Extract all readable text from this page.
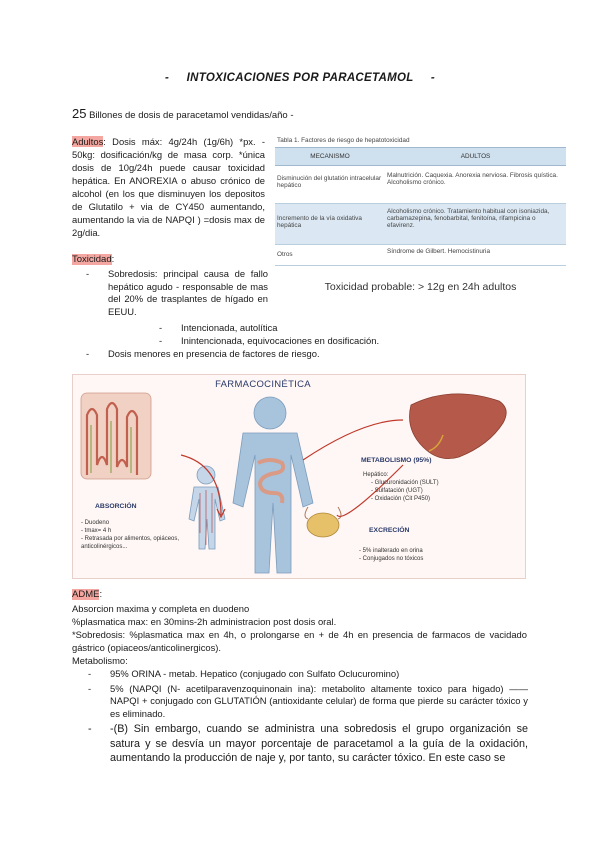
- INTOXICACIONES POR PARACETAMOL -
25 Billones de dosis de paracetamol vendidas/año -
Adultos: Dosis máx: 4g/24h (1g/6h) *px. - 50kg: dosificación/kg de masa corp. *única dosis de 10g/24h puede causar toxicidad hepática. En ANOREXIA o abuso crónico de alcohol (en los que disminuyen los depositos de Glutatilo + via de CY450 aumentando, aumentando la via de NAPQI ) =dosis max de 2g/dia.
Toxicidad:
- Sobredosis: principal causa de fallo hepático agudo - responsable de mas del 20% de trasplantes de hígado en EEUU.
- Intencionada, autolítica
- Inintencionada, equivocaciones en dosificación.
- Dosis menores en presencia de factores de riesgo.
Tabla 1. Factores de riesgo de hepatotoxicidad
MECANISMO	ADULTOS
Disminución del glutatión intracelular hepático
Malnutrición. Caquexia. Anorexia nerviosa. Fibrosis quística. Alcoholismo crónico.
Incremento de la vía oxidativa hepática
Alcoholismo crónico. Tratamiento habitual con isoniazida, carbamazepina, fenobarbital, fenitoína, rifampicina o efavirenz.
Otros	Síndrome de Gilbert. Hemocistinuria
Toxicidad probable: > 12g en 24h adultos
FARMACOCINÉTICA
ABSORCIÓN
- Duodeno
- tmax= 4 h
- Retrasada por alimentos, opiáceos, anticolinérgicos...
METABOLISMO (95%)
Hepático:
- Glucuronidación (SULT)
- Sulfatación (UGT)
- Oxidación (Cit P450)
EXCRECIÓN
- 5% inalterado en orina
- Conjugados no tóxicos
ADME:
Absorcion maxima y completa en duodeno
%plasmatica max: en 30mins-2h administracion post dosis oral.
*Sobredosis: %plasmatica max en 4h, o prolongarse en + de 4h en presencia de farmacos de vacidado gástrico (opiaceos/anticolinergicos).
Metabolismo:
- 95% ORINA - metab. Hepatico (conjugado con Sulfato Oclucuromino)
- 5% (NAPQI (N- acetilparavenzoquinonain ina): metabolito altamente toxico para higado) —— NAPQI + conjugado con GLUTATIÓN (antioxidante celular) de forma que pierde su carácter tóxico y es eliminado.
- -(B) Sin embargo, cuando se administra una sobredosis el grupo organización se satura y se desvía un mayor porcentaje de paracetamol a la guía de la oxidación, aumentando la producción de naje y, por tanto, su carácter tóxico. En este caso se
